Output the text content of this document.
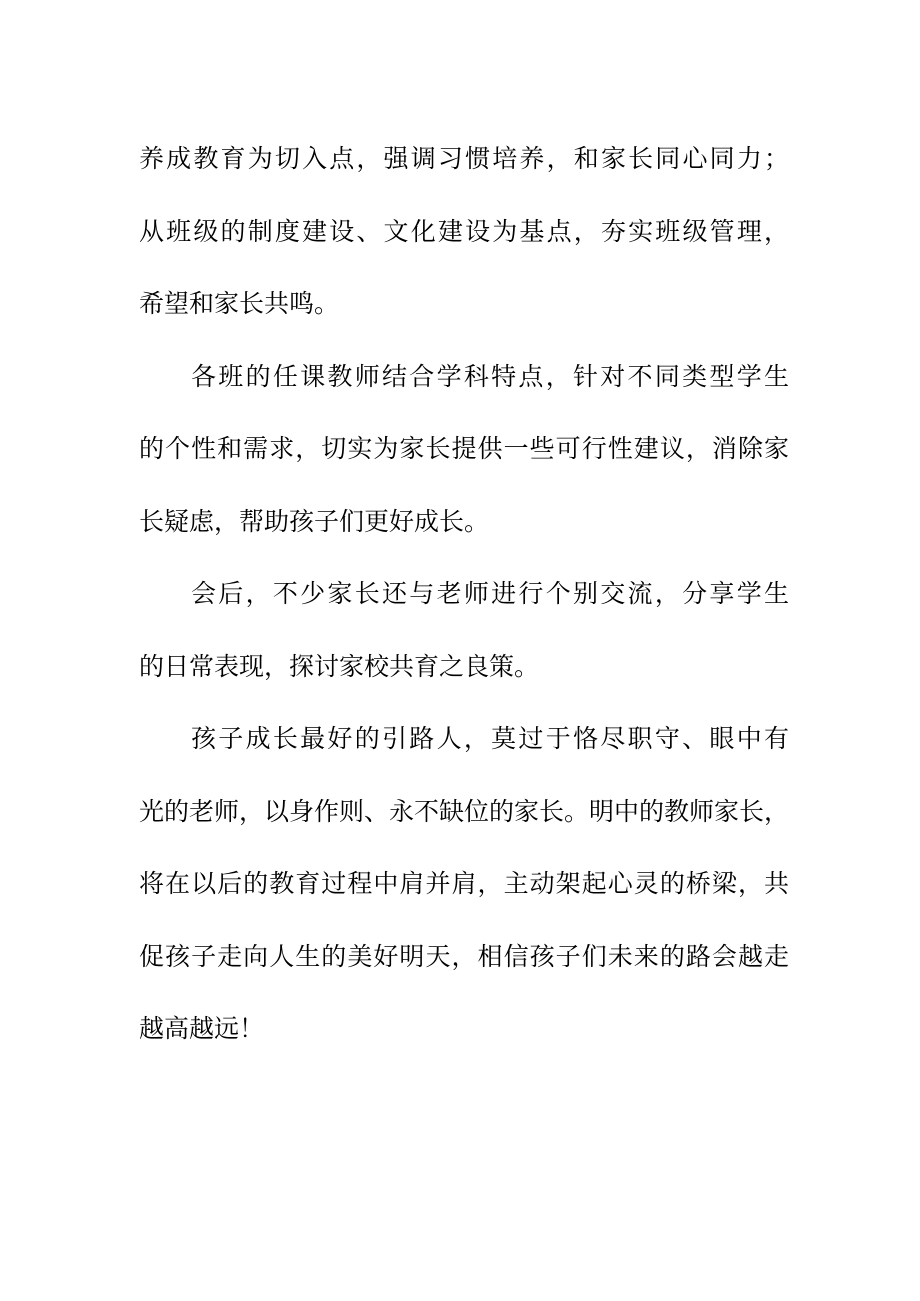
养成教育为切入点，强调习惯培养，和家长同心同力；
从班级的制度建设、文化建设为基点，夯实班级管理，
希望和家长共鸣。
各班的任课教师结合学科特点，针对不同类型学生
的个性和需求，切实为家长提供一些可行性建议，消除家
长疑虑，帮助孩子们更好成长。
会后，不少家长还与老师进行个别交流，分享学生
的日常表现，探讨家校共育之良策。
孩子成长最好的引路人，莫过于恪尽职守、眼中有
光的老师，以身作则、永不缺位的家长。明中的教师家长，
将在以后的教育过程中肩并肩，主动架起心灵的桥梁，共
促孩子走向人生的美好明天，相信孩子们未来的路会越走
越高越远！
